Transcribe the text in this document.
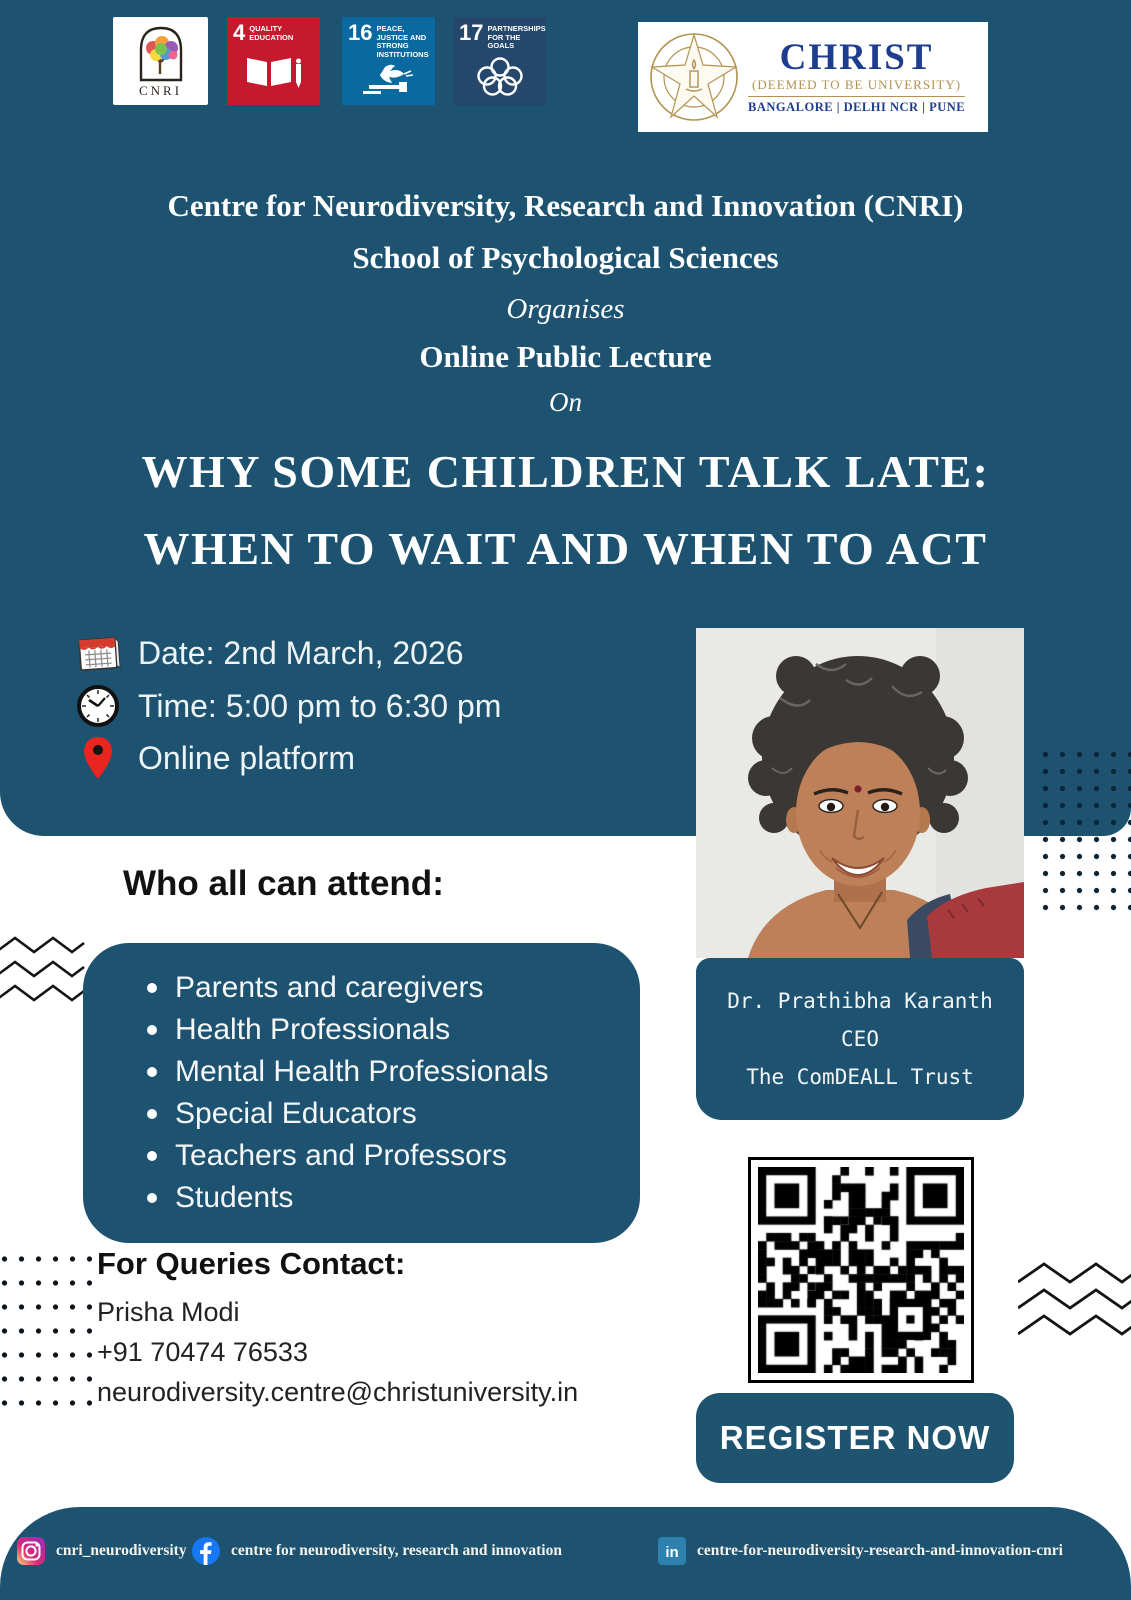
CNRI
4 QUALITY EDUCATION	16 PEACE, JUSTICE AND STRONG INSTITUTIONS
17 PARTNERSHIPS FOR THE GOALS	CHRIST
(DEEMED TO BE UNIVERSITY)
BANGALORE | DELHI NCR | PUNE
Centre for Neurodiversity, Research and Innovation (CNRI)
School of Psychological Sciences
Organises
Online Public Lecture
On
WHY SOME CHILDREN TALK LATE:
WHEN TO WAIT AND WHEN TO ACT
Date: 2nd March, 2026
Time: 5:00 pm to 6:30 pm
Online platform
Dr. Prathibha Karanth
CEO
The ComDEALL Trust
Who all can attend:
Parents and caregivers
Health Professionals
Mental Health Professionals
Special Educators
Teachers and Professors
Students
For Queries Contact:
Prisha Modi
+91 70474 76533
neurodiversity.centre@christuniversity.in
REGISTER NOW
cnri_neurodiversity	centre for neurodiversity, research and innovation	in centre-for-neurodiversity-research-and-innovation-cnri
